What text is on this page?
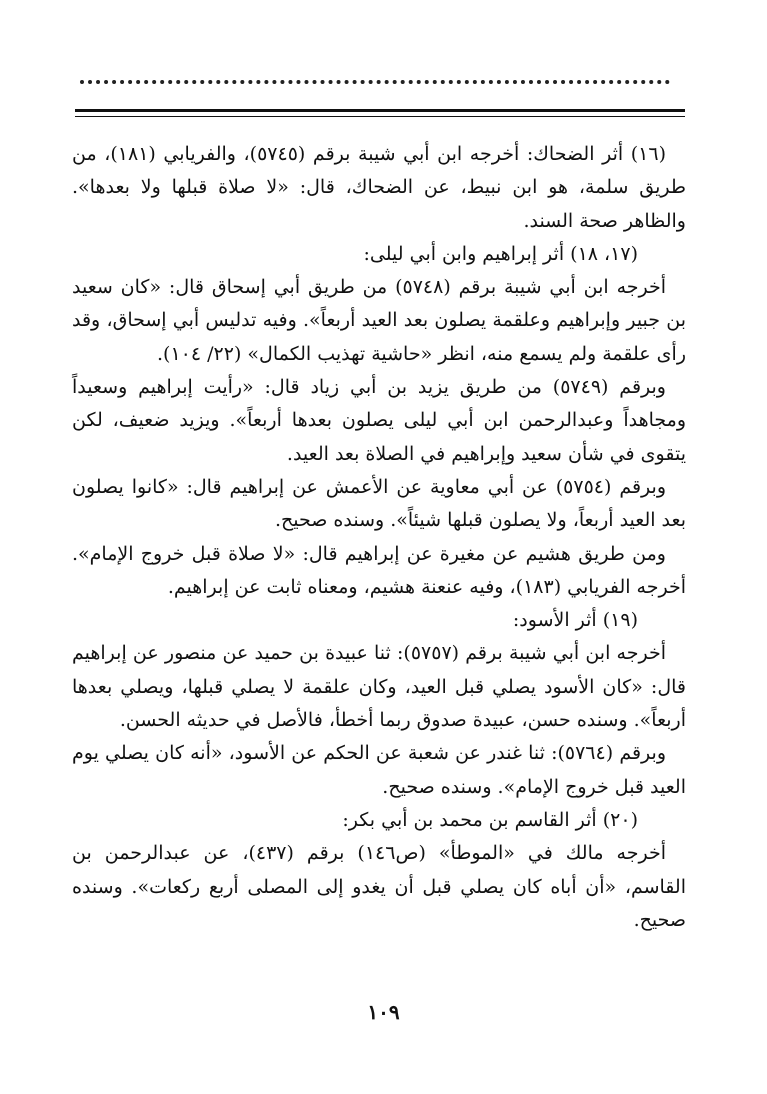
(١٦) أثر الضحاك: أخرجه ابن أبي شيبة برقم (٥٧٤٥)، والفريابي (١٨١)، من طريق سلمة، هو ابن نبيط، عن الضحاك، قال: «لا صلاة قبلها ولا بعدها». والظاهر صحة السند.

(١٧، ١٨) أثر إبراهيم وابن أبي ليلى:

أخرجه ابن أبي شيبة برقم (٥٧٤٨) من طريق أبي إسحاق قال: «كان سعيد بن جبير وإبراهيم وعلقمة يصلون بعد العيد أربعاً». وفيه تدليس أبي إسحاق، وقد رأى علقمة ولم يسمع منه، انظر «حاشية تهذيب الكمال» (٢٢/ ١٠٤).

وبرقم (٥٧٤٩) من طريق يزيد بن أبي زياد قال: «رأيت إبراهيم وسعيداً ومجاهداً وعبدالرحمن ابن أبي ليلى يصلون بعدها أربعاً». ويزيد ضعيف، لكن يتقوى في شأن سعيد وإبراهيم في الصلاة بعد العيد.

وبرقم (٥٧٥٤) عن أبي معاوية عن الأعمش عن إبراهيم قال: «كانوا يصلون بعد العيد أربعاً، ولا يصلون قبلها شيئاً». وسنده صحيح.

ومن طريق هشيم عن مغيرة عن إبراهيم قال: «لا صلاة قبل خروج الإمام». أخرجه الفريابي (١٨٣)، وفيه عنعنة هشيم، ومعناه ثابت عن إبراهيم.

(١٩) أثر الأسود:

أخرجه ابن أبي شيبة برقم (٥٧٥٧): ثنا عبيدة بن حميد عن منصور عن إبراهيم قال: «كان الأسود يصلي قبل العيد، وكان علقمة لا يصلي قبلها، ويصلي بعدها أربعاً». وسنده حسن، عبيدة صدوق ربما أخطأ، فالأصل في حديثه الحسن.

وبرقم (٥٧٦٤): ثنا غندر عن شعبة عن الحكم عن الأسود، «أنه كان يصلي يوم العيد قبل خروج الإمام». وسنده صحيح.

(٢٠) أثر القاسم بن محمد بن أبي بكر:

أخرجه مالك في «الموطأ» (ص١٤٦) برقم (٤٣٧)، عن عبدالرحمن بن القاسم، «أن أباه كان يصلي قبل أن يغدو إلى المصلى أربع ركعات». وسنده صحيح.

١٠٩
